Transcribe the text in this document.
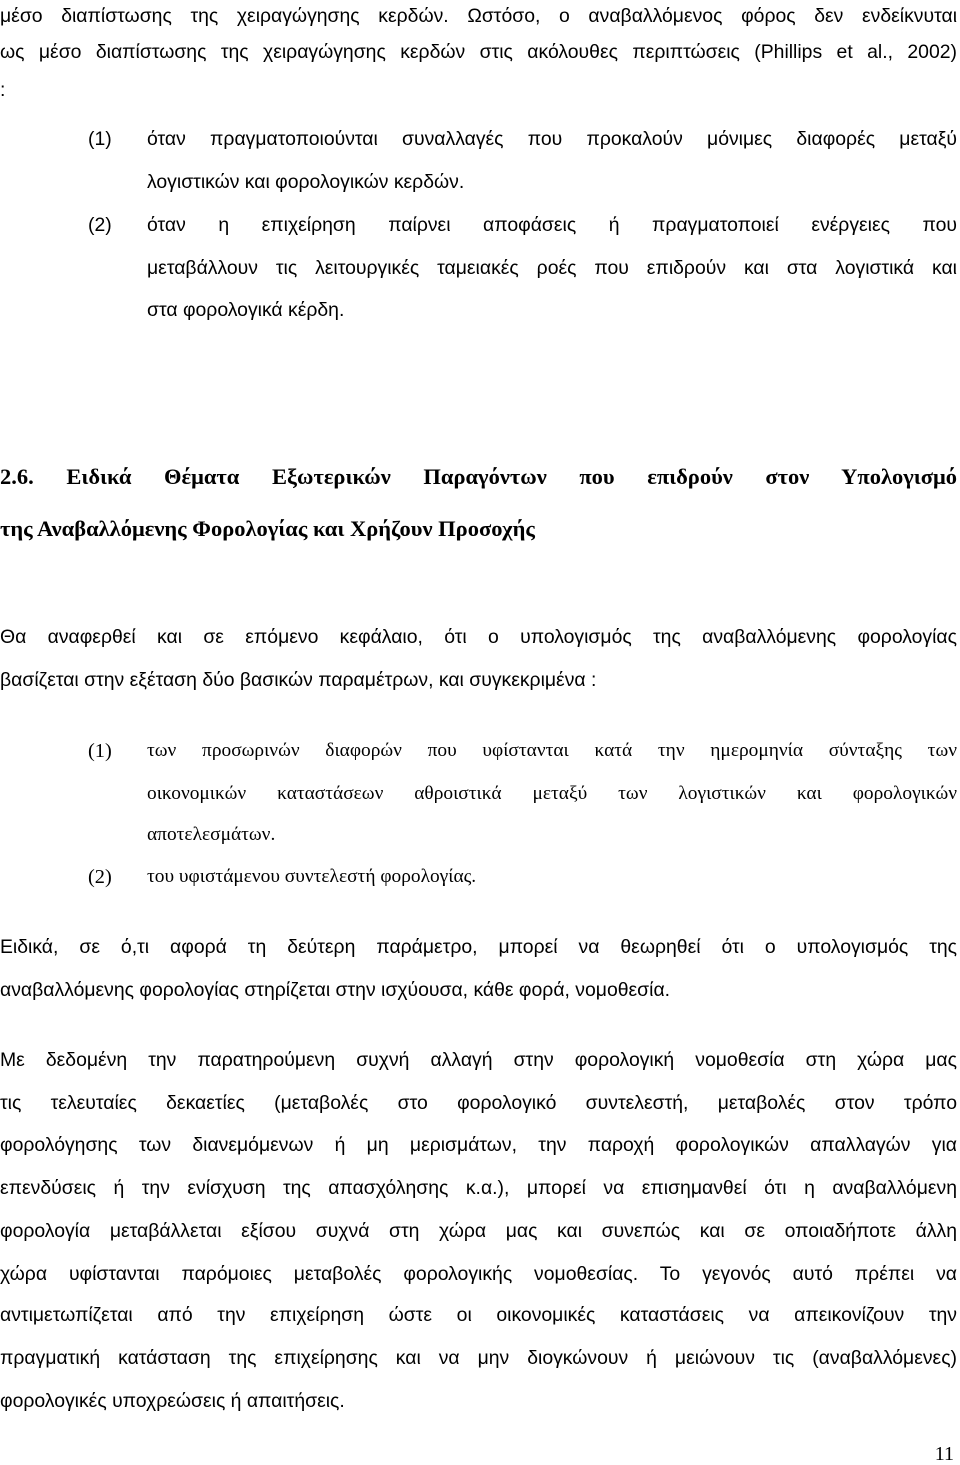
μέσο διαπίστωσης της χειραγώγησης κερδών. Ωστόσο, ο αναβαλλόμενος φόρος δεν ενδείκνυται

ως μέσο διαπίστωσης της χειραγώγησης κερδών στις ακόλουθες περιπτώσεις (Phillips et al., 2002)

:

(1) όταν πραγματοποιούνται συναλλαγές που προκαλούν μόνιμες διαφορές μεταξύ

λογιστικών και φορολογικών κερδών.

(2) όταν η επιχείρηση παίρνει αποφάσεις ή πραγματοποιεί ενέργειες που

μεταβάλλουν τις λειτουργικές ταμειακές ροές που επιδρούν και στα λογιστικά και

στα φορολογικά κέρδη.

2.6. Ειδικά Θέματα Εξωτερικών Παραγόντων που επιδρούν στον Υπολογισμό

της Αναβαλλόμενης Φορολογίας και Χρήζουν Προσοχής

Θα αναφερθεί και σε επόμενο κεφάλαιο, ότι ο υπολογισμός της αναβαλλόμενης φορολογίας

βασίζεται στην εξέταση δύο βασικών παραμέτρων, και συγκεκριμένα :

(1) των προσωρινών διαφορών που υφίστανται κατά την ημερομηνία σύνταξης των

οικονομικών καταστάσεων αθροιστικά μεταξύ των λογιστικών και φορολογικών

αποτελεσμάτων.

(2) του υφιστάμενου συντελεστή φορολογίας.

Ειδικά, σε ό,τι αφορά τη δεύτερη παράμετρο, μπορεί να θεωρηθεί ότι ο υπολογισμός της

αναβαλλόμενης φορολογίας στηρίζεται στην ισχύουσα, κάθε φορά, νομοθεσία.

Με δεδομένη την παρατηρούμενη συχνή αλλαγή στην φορολογική νομοθεσία στη χώρα μας

τις τελευταίες δεκαετίες (μεταβολές στο φορολογικό συντελεστή, μεταβολές στον τρόπο

φορολόγησης των διανεμόμενων ή μη μερισμάτων, την παροχή φορολογικών απαλλαγών για

επενδύσεις ή την ενίσχυση της απασχόλησης κ.α.), μπορεί να επισημανθεί ότι η αναβαλλόμενη

φορολογία μεταβάλλεται εξίσου συχνά στη χώρα μας και συνεπώς και σε οποιαδήποτε άλλη

χώρα υφίστανται παρόμοιες μεταβολές φορολογικής νομοθεσίας. Το γεγονός αυτό πρέπει να

αντιμετωπίζεται από την επιχείρηση ώστε οι οικονομικές καταστάσεις να απεικονίζουν την

πραγματική κατάσταση της επιχείρησης και να μην διογκώνουν ή μειώνουν τις (αναβαλλόμενες)

φορολογικές υποχρεώσεις ή απαιτήσεις.

11
